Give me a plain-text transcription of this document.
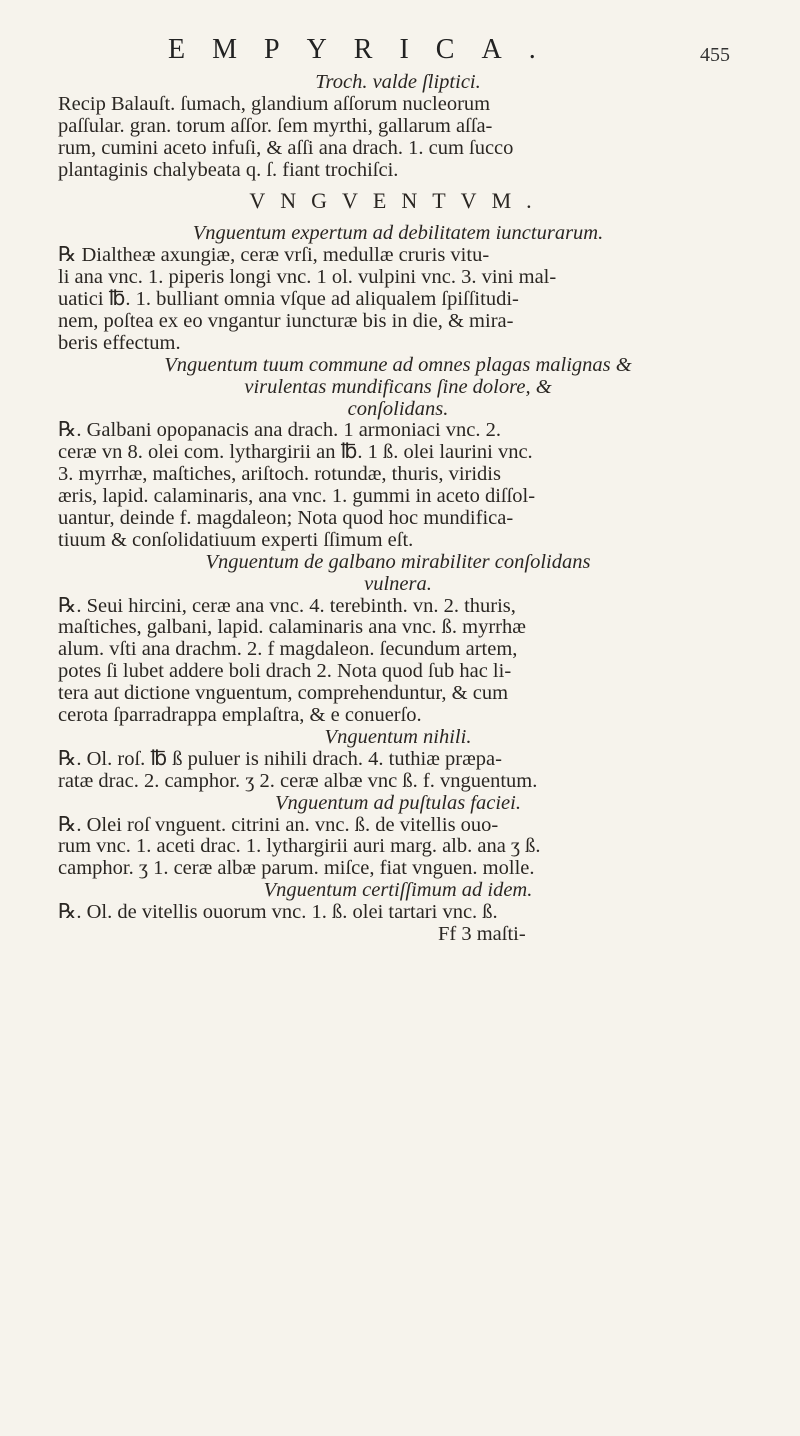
EMPYRICA.	455
Troch. valde ſliptici.
Recip Balauſt. ſumach, glandium aſſorum nucleorum
paſſular. gran. torum aſſor. ſem myrthi, gallarum aſſa-
rum, cumini aceto infuſi, & aſſi ana drach. 1. cum ſucco
plantaginis chalybeata q. ſ. fiant trochiſci.
VNGVENTVM.
Vnguentum expertum ad debilitatem iuncturarum.
℞ Dialtheæ axungiæ, ceræ vrſi, medullæ cruris vitu-
li ana vnc. 1. piperis longi vnc. 1 ol. vulpini vnc. 3. vini mal-
uatici ℔. 1. bulliant omnia vſque ad aliqualem ſpiſſitudi-
nem, poſtea ex eo vngantur iuncturæ bis in die, & mira-
beris effectum.
Vnguentum tuum commune ad omnes plagas malignas &
virulentas mundificans ſine dolore, &
conſolidans.
℞. Galbani opopanacis ana drach. 1 armoniaci vnc. 2.
ceræ vn 8. olei com. lythargirii an ℔. 1 ß. olei laurini vnc.
3. myrrhæ, maſtiches, ariſtoch. rotundæ, thuris, viridis
æris, lapid. calaminaris, ana vnc. 1. gummi in aceto diſſol-
uantur, deinde f. magdaleon; Nota quod hoc mundifica-
tiuum & conſolidatiuum experti ſſimum eſt.
Vnguentum de galbano mirabiliter conſolidans
vulnera.
℞. Seui hircini, ceræ ana vnc. 4. terebinth. vn. 2. thuris,
maſtiches, galbani, lapid. calaminaris ana vnc. ß. myrrhæ
alum. vſti ana drachm. 2. f magdaleon. ſecundum artem,
potes ſi lubet addere boli drach 2. Nota quod ſub hac li-
tera aut dictione vnguentum, comprehenduntur, & cum
cerota ſparradrappa emplaſtra, & e conuerſo.
Vnguentum nihili.
℞. Ol. roſ. ℔ ß puluer is nihili drach. 4. tuthiæ præpa-
ratæ drac. 2. camphor. ʒ 2. ceræ albæ vnc ß. f. vnguentum.
Vnguentum ad puſtulas faciei.
℞. Olei roſ vnguent. citrini an. vnc. ß. de vitellis ouo-
rum vnc. 1. aceti drac. 1. lythargirii auri marg. alb. ana ʒ ß.
camphor. ʒ 1. ceræ albæ parum. miſce, fiat vnguen. molle.
Vnguentum certiſſimum ad idem.
℞. Ol. de vitellis ouorum vnc. 1. ß. olei tartari vnc. ß.
Ff 3 maſti-
